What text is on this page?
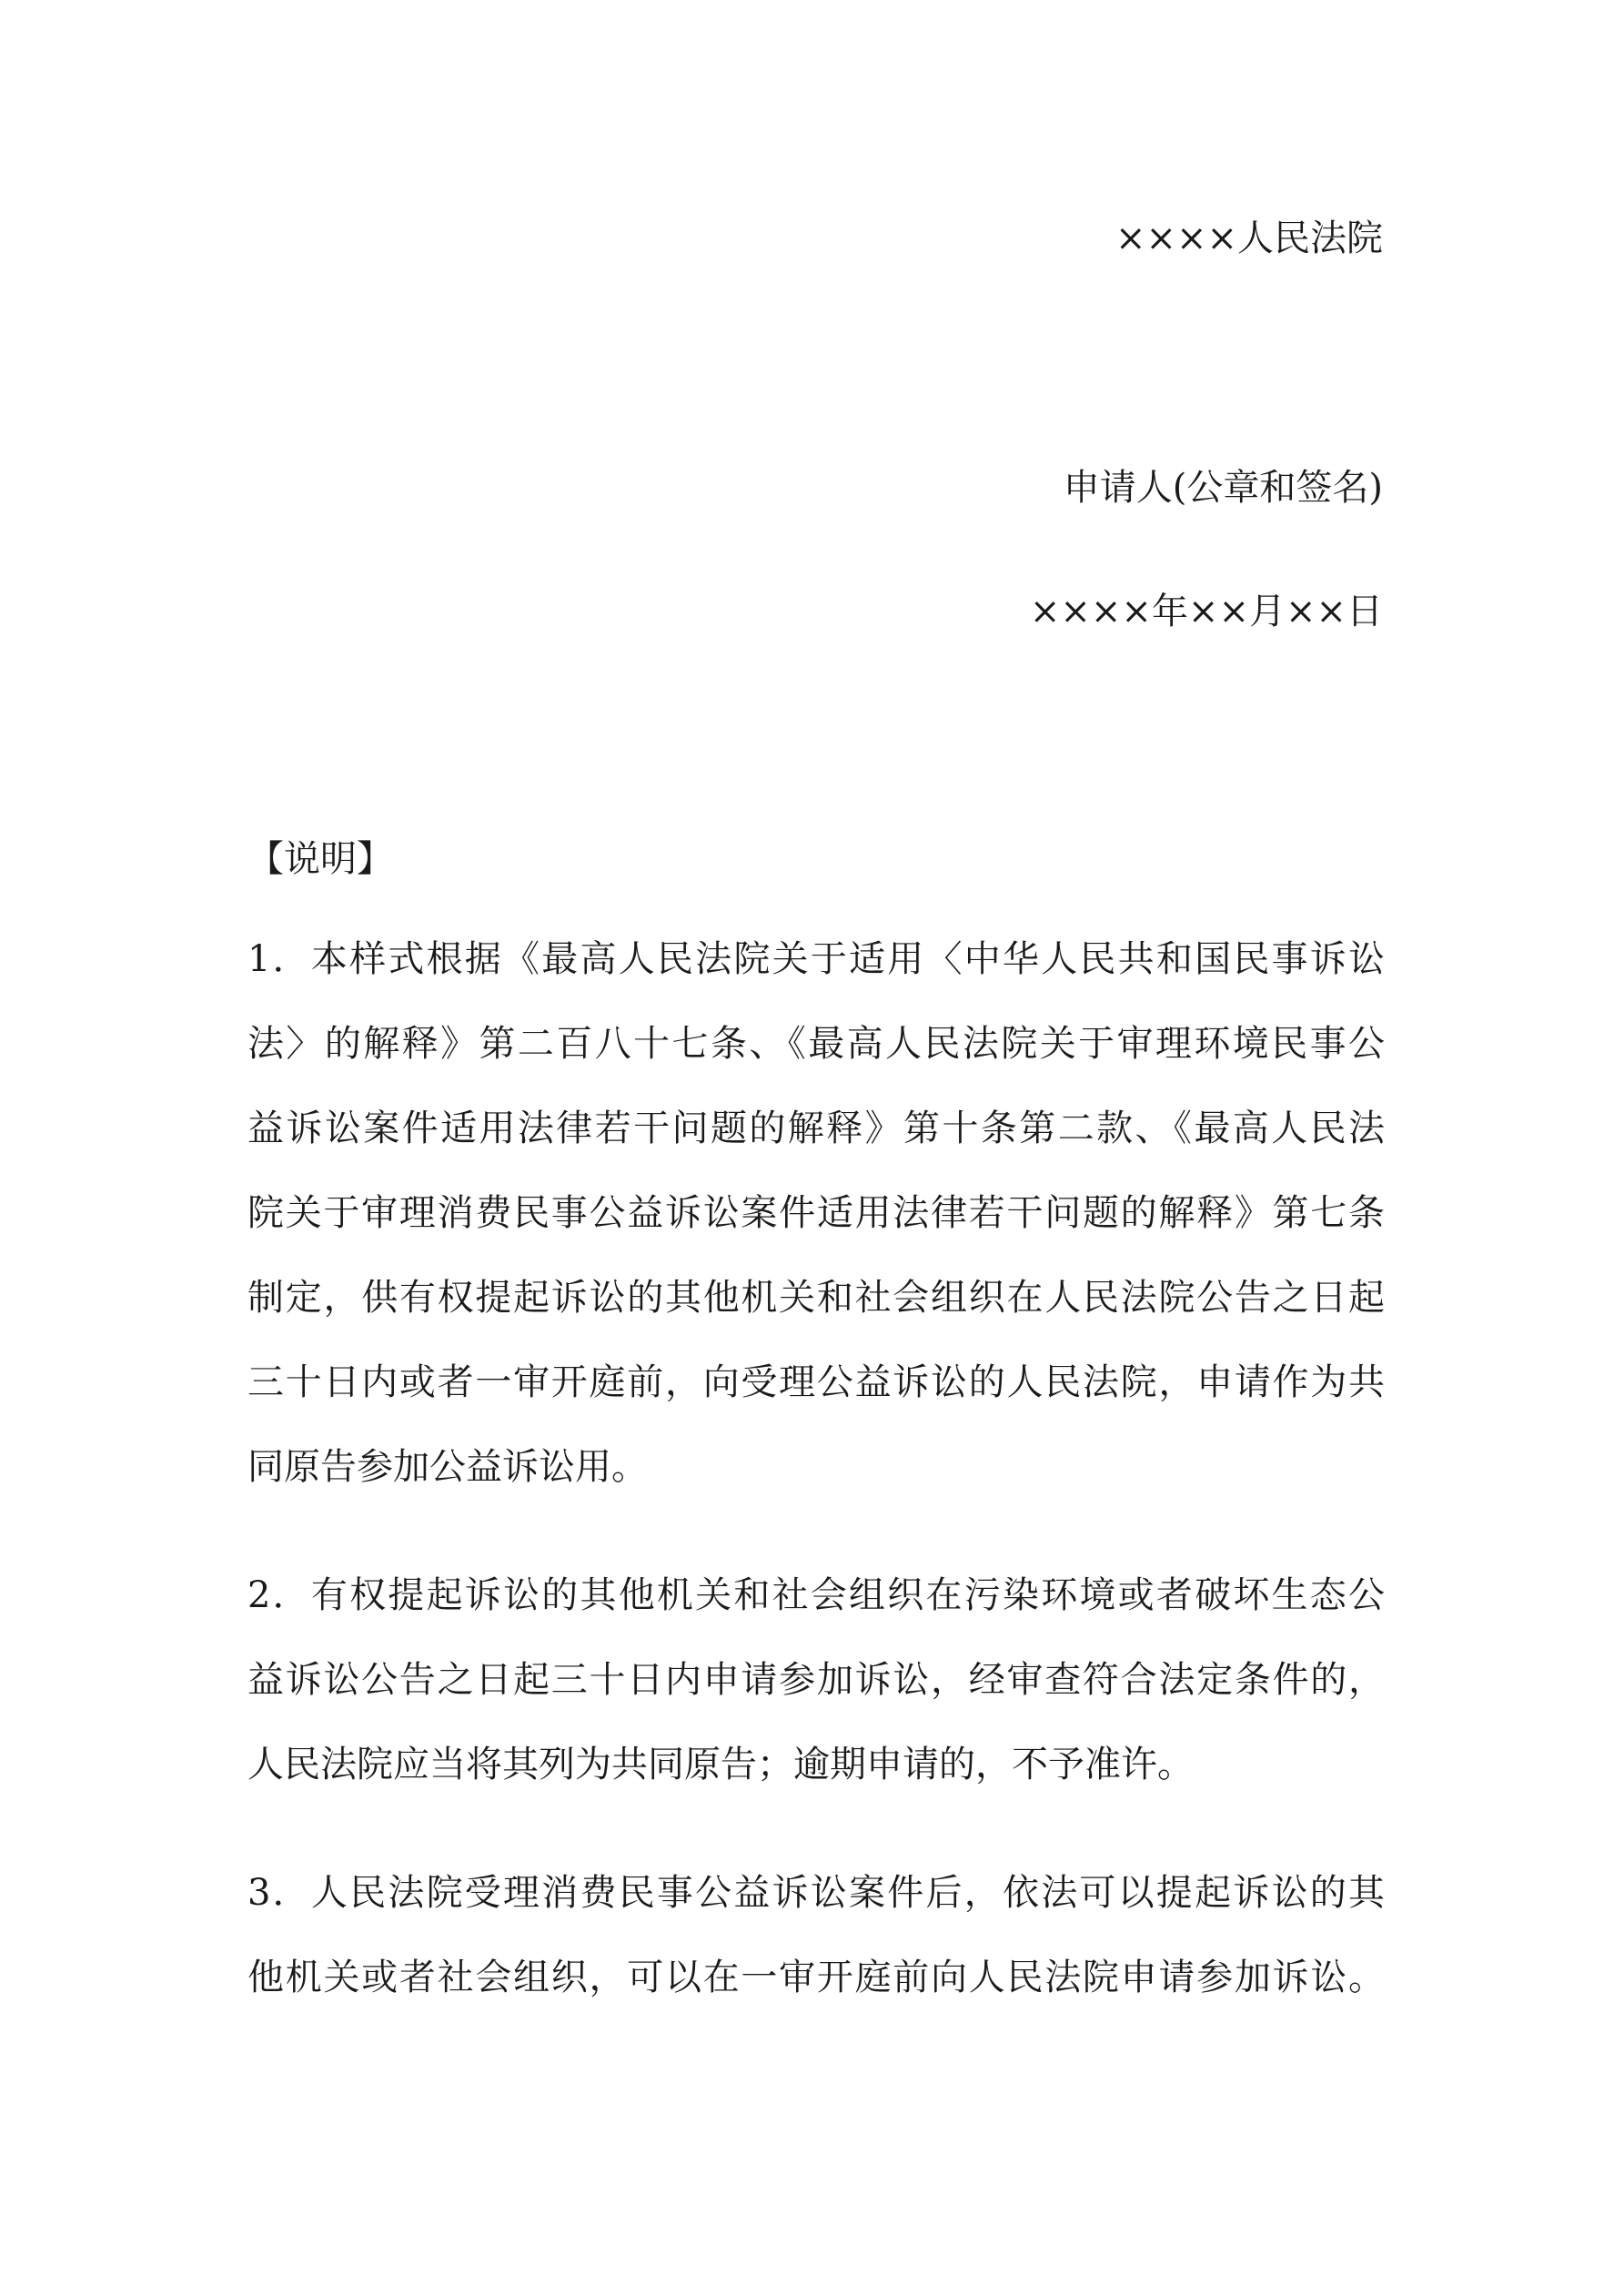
××××人民法院
申请人(公章和签名)
××××年××月××日
【说明】
1．本样式根据《最高人民法院关于适用〈中华人民共和国民事诉讼
法〉的解释》第二百八十七条、《最高人民法院关于审理环境民事公
益诉讼案件适用法律若干问题的解释》第十条第二款、《最高人民法
院关于审理消费民事公益诉讼案件适用法律若干问题的解释》第七条
制定，供有权提起诉讼的其他机关和社会组织在人民法院公告之日起
三十日内或者一审开庭前，向受理公益诉讼的人民法院，申请作为共
同原告参加公益诉讼用。
2．有权提起诉讼的其他机关和社会组织在污染环境或者破坏生态公
益诉讼公告之日起三十日内申请参加诉讼，经审查符合法定条件的，
人民法院应当将其列为共同原告；逾期申请的，不予准许。
3．人民法院受理消费民事公益诉讼案件后，依法可以提起诉讼的其
他机关或者社会组织，可以在一审开庭前向人民法院申请参加诉讼。
